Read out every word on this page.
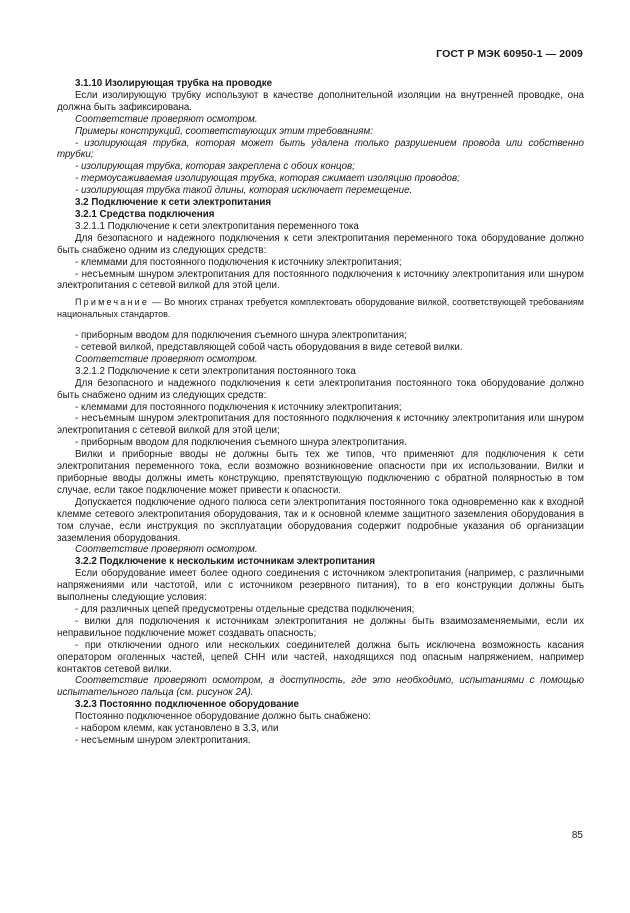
ГОСТ Р МЭК 60950-1 — 2009

3.1.10 Изолирующая трубка на проводке

Если изолирующую трубку используют в качестве дополнительной изоляции на внутренней проводке, она должна быть зафиксирована.

Соответствие проверяют осмотром.

Примеры конструкций, соответствующих этим требованиям:

- изолирующая трубка, которая может быть удалена только разрушением провода или собственно трубки;

- изолирующая трубка, которая закреплена с обоих концов;

- термоусаживаемая изолирующая трубка, которая сжимает изоляцию проводов;

- изолирующая трубка такой длины, которая исключает перемещение.

3.2 Подключение к сети электропитания

3.2.1 Средства подключения

3.2.1.1 Подключение к сети электропитания переменного тока

Для безопасного и надежного подключения к сети электропитания переменного тока оборудование должно быть снабжено одним из следующих средств:

- клеммами для постоянного подключения к источнику электропитания;

- несъемным шнуром электропитания для постоянного подключения к источнику электропитания или шнуром электропитания с сетевой вилкой для этой цели.

Примечание — Во многих странах требуется комплектовать оборудование вилкой, соответствующей требованиям национальных стандартов.

- приборным вводом для подключения съемного шнура электропитания;

- сетевой вилкой, представляющей собой часть оборудования в виде сетевой вилки.

Соответствие проверяют осмотром.

3.2.1.2 Подключение к сети электропитания постоянного тока

Для безопасного и надежного подключения к сети электропитания постоянного тока оборудование должно быть снабжено одним из следующих средств:

- клеммами для постоянного подключения к источнику электропитания;

- несъемным шнуром электропитания для постоянного подключения к источнику электропитания или шнуром электропитания с сетевой вилкой для этой цели;

- приборным вводом для подключения съемного шнура электропитания.

Вилки и приборные вводы не должны быть тех же типов, что применяют для подключения к сети электропитания переменного тока, если возможно возникновение опасности при их использовании. Вилки и приборные вводы должны иметь конструкцию, препятствующую подключению с обратной полярностью в том случае, если такое подключение может привести к опасности.

Допускается подключение одного полюса сети электропитания постоянного тока одновременно как к входной клемме сетевого электропитания оборудования, так и к основной клемме защитного заземления оборудования в том случае, если инструкция по эксплуатации оборудования содержит подробные указания об организации заземления оборудования.

Соответствие проверяют осмотром.

3.2.2 Подключение к нескольким источникам электропитания

Если оборудование имеет более одного соединения с источником электропитания (например, с различными напряжениями или частотой, или с источником резервного питания), то в его конструкции должны быть выполнены следующие условия:

- для различных цепей предусмотрены отдельные средства подключения;

- вилки для подключения к источникам электропитания не должны быть взаимозаменяемыми, если их неправильное подключение может создавать опасность;

- при отключении одного или нескольких соединителей должна быть исключена возможность касания оператором оголенных частей, цепей СНН или частей, находящихся под опасным напряжением, например контактов сетевой вилки.

Соответствие проверяют осмотром, а доступность, где это необходимо, испытаниями с помощью испытательного пальца (см. рисунок 2А).

3.2.3 Постоянно подключенное оборудование

Постоянно подключенное оборудование должно быть снабжено:

- набором клемм, как установлено в 3.3, или

- несъемным шнуром электропитания.

85
